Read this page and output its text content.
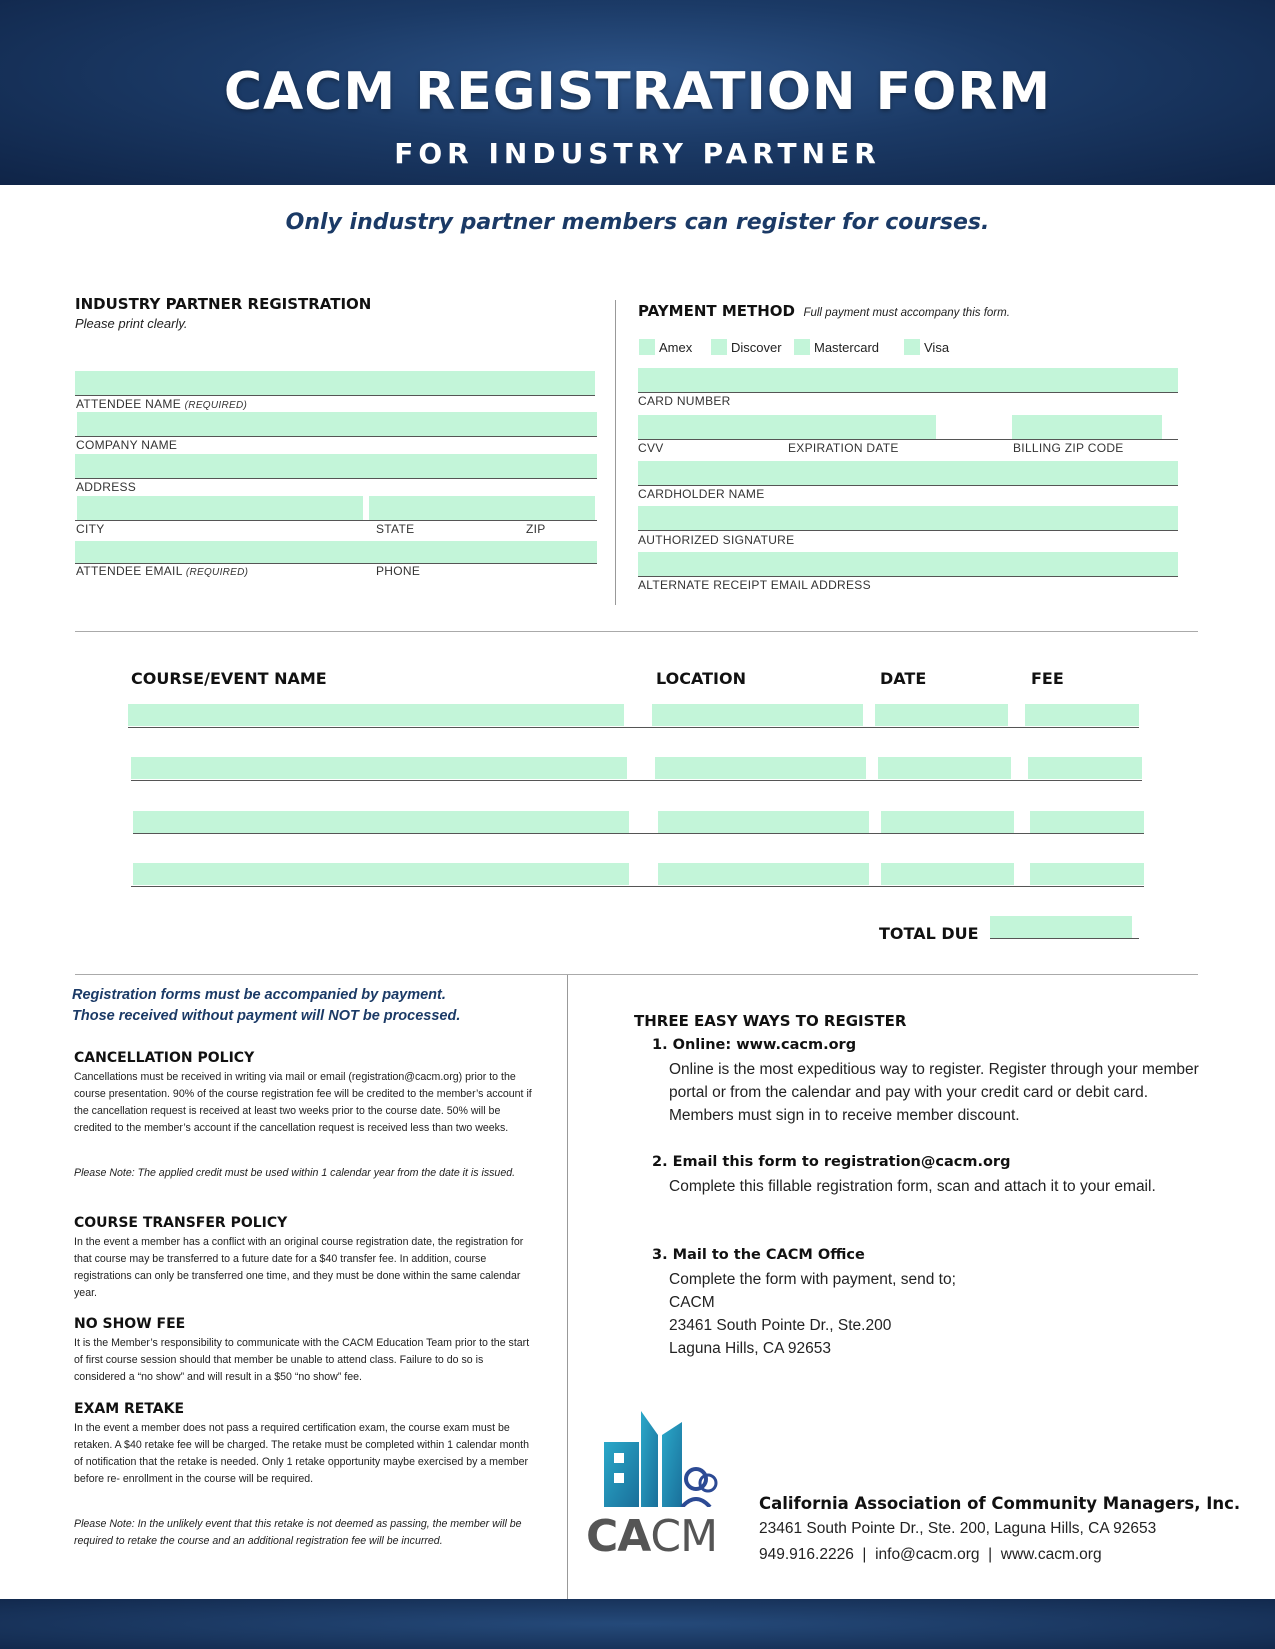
CACM REGISTRATION FORM
FOR INDUSTRY PARTNER
Only industry partner members can register for courses.
INDUSTRY PARTNER REGISTRATION
Please print clearly.
ATTENDEE NAME (REQUIRED)
COMPANY NAME
ADDRESS
CITY	STATE	ZIP
ATTENDEE EMAIL (REQUIRED)	PHONE
PAYMENT METHOD Full payment must accompany this form.
Amex	Discover Mastercard	Visa
CARD NUMBER
CVV	EXPIRATION DATE	BILLING ZIP CODE
CARDHOLDER NAME
AUTHORIZED SIGNATURE
ALTERNATE RECEIPT EMAIL ADDRESS
COURSE/EVENT NAME	LOCATION	DATE	FEE
TOTAL DUE
Registration forms must be accompanied by payment.
Those received without payment will NOT be processed.
CANCELLATION POLICY
Cancellations must be received in writing via mail or email (registration@cacm.org) prior to the course presentation. 90% of the course registration fee will be credited to the member’s account if the cancellation request is received at least two weeks prior to the course date. 50% will be credited to the member’s account if the cancellation request is received less than two weeks.
Please Note: The applied credit must be used within 1 calendar year from the date it is issued.
COURSE TRANSFER POLICY
In the event a member has a conflict with an original course registration date, the registration for that course may be transferred to a future date for a $40 transfer fee. In addition, course registrations can only be transferred one time, and they must be done within the same calendar year.
NO SHOW FEE
It is the Member’s responsibility to communicate with the CACM Education Team prior to the start of first course session should that member be unable to attend class. Failure to do so is considered a “no show” and will result in a $50 “no show” fee.
EXAM RETAKE
In the event a member does not pass a required certification exam, the course exam must be retaken. A $40 retake fee will be charged. The retake must be completed within 1 calendar month of notification that the retake is needed. Only 1 retake opportunity maybe exercised by a member before re- enrollment in the course will be required.
Please Note: In the unlikely event that this retake is not deemed as passing, the member will be required to retake the course and an additional registration fee will be incurred.
THREE EASY WAYS TO REGISTER
1. Online: www.cacm.org
Online is the most expeditious way to register. Register through your member portal or from the calendar and pay with your credit card or debit card. Members must sign in to receive member discount.
2. Email this form to registration@cacm.org
Complete this fillable registration form, scan and attach it to your email.
3. Mail to the CACM Office
Complete the form with payment, send to;
CACM
23461 South Pointe Dr., Ste.200
Laguna Hills, CA 92653
CACM
California Association of Community Managers, Inc.
23461 South Pointe Dr., Ste. 200, Laguna Hills, CA 92653
949.916.2226  |  info@cacm.org  |  www.cacm.org
